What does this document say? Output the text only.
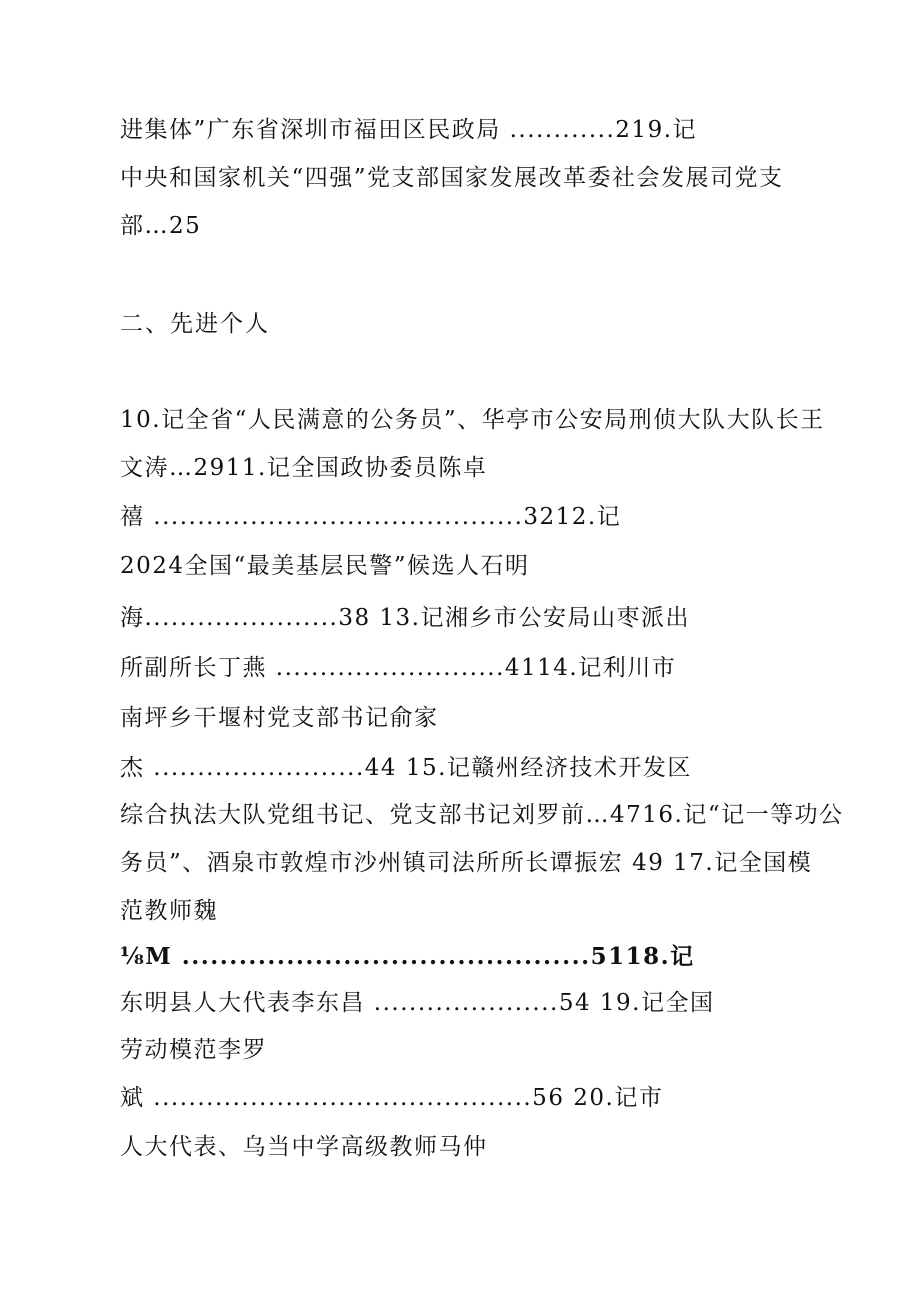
进集体”广东省深圳市福田区民政局 ............219.记
中央和国家机关“四强”党支部国家发展改革委社会发展司党支
部…25
二、先进个人
10.记全省“人民满意的公务员”、华亭市公安局刑侦大队大队长王
文涛…2911.记全国政协委员陈卓
禧 ..........................................3212.记
2024全国“最美基层民警”候选人石明
海......................38 13.记湘乡市公安局山枣派出
所副所长丁燕 ..........................4114.记利川市
南坪乡干堰村党支部书记俞家
杰 ........................44 15.记赣州经济技术开发区
综合执法大队党组书记、党支部书记刘罗前…4716.记“记一等功公
务员”、酒泉市敦煌市沙州镇司法所所长谭振宏 49 17.记全国模
范教师魏
⅛M ...........................................5118.记
东明县人大代表李东昌 .....................54 19.记全国
劳动模范李罗
斌 ...........................................56 20.记市
人大代表、乌当中学高级教师马仲
